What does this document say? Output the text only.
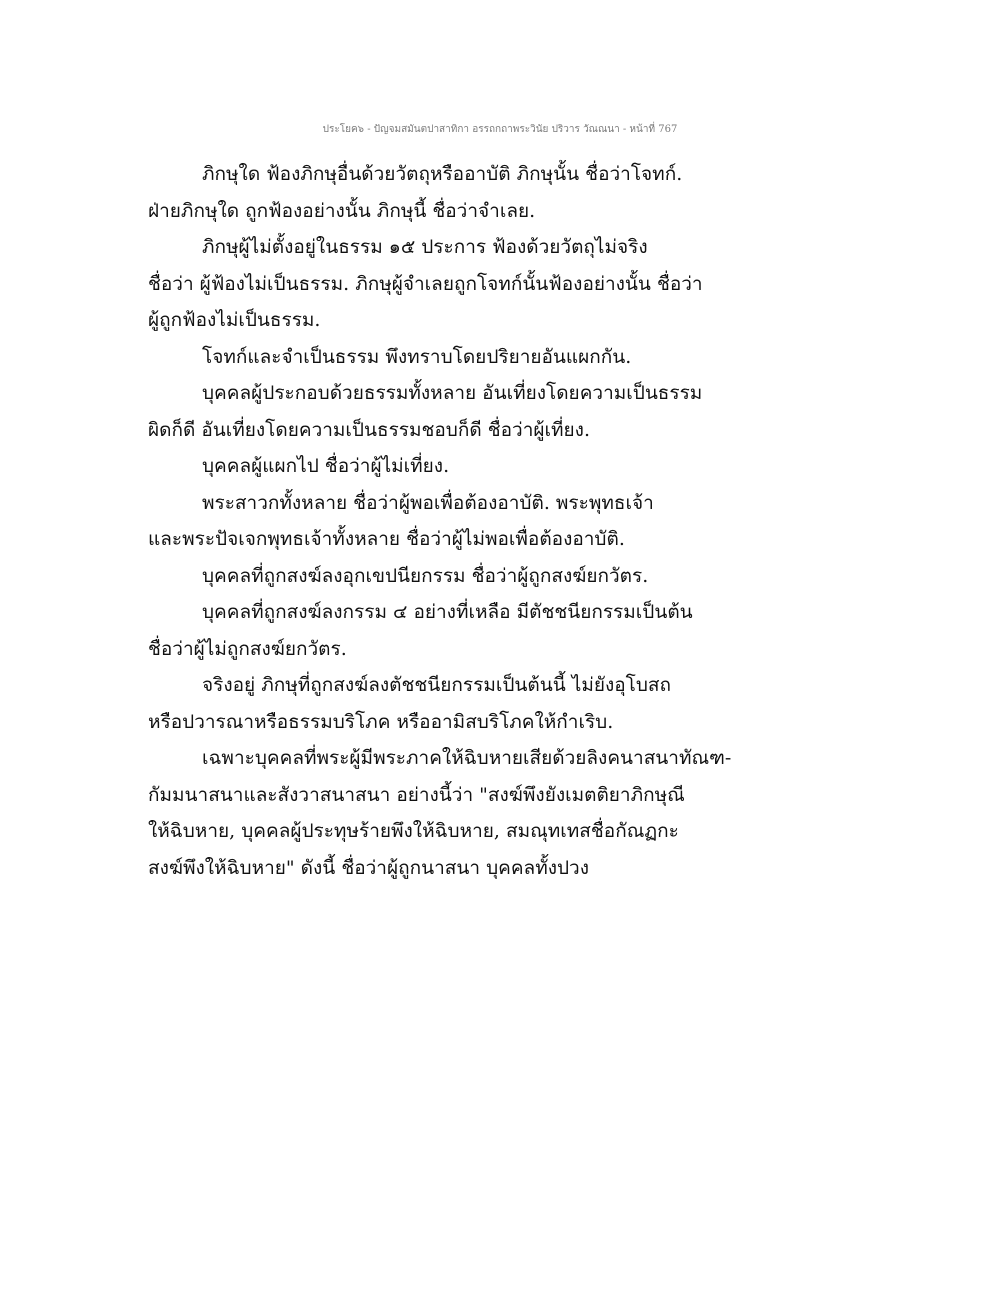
ประโยค๖ - ปัญจมสมันตปาสาทิกา อรรถกถาพระวินัย ปริวาร วัณณนา - หน้าที่ 767
ภิกษุใด ฟ้องภิกษุอื่นด้วยวัตถุหรืออาบัติ ภิกษุนั้น ชื่อว่าโจทก์.
ฝ่ายภิกษุใด ถูกฟ้องอย่างนั้น ภิกษุนี้ ชื่อว่าจำเลย.
ภิกษุผู้ไม่ตั้งอยู่ในธรรม ๑๕ ประการ ฟ้องด้วยวัตถุไม่จริง
ชื่อว่า ผู้ฟ้องไม่เป็นธรรม. ภิกษุผู้จำเลยถูกโจทก์นั้นฟ้องอย่างนั้น ชื่อว่า
ผู้ถูกฟ้องไม่เป็นธรรม.
โจทก์และจำเป็นธรรม พึงทราบโดยปริยายอันแผกกัน.
บุคคลผู้ประกอบด้วยธรรมทั้งหลาย อันเที่ยงโดยความเป็นธรรม
ผิดก็ดี อันเที่ยงโดยความเป็นธรรมชอบก็ดี ชื่อว่าผู้เที่ยง.
บุคคลผู้แผกไป ชื่อว่าผู้ไม่เที่ยง.
พระสาวกทั้งหลาย ชื่อว่าผู้พอเพื่อต้องอาบัติ. พระพุทธเจ้า
และพระปัจเจกพุทธเจ้าทั้งหลาย ชื่อว่าผู้ไม่พอเพื่อต้องอาบัติ.
บุคคลที่ถูกสงฆ์ลงอุกเขปนียกรรม ชื่อว่าผู้ถูกสงฆ์ยกวัตร.
บุคคลที่ถูกสงฆ์ลงกรรม ๔ อย่างที่เหลือ มีตัชชนียกรรมเป็นต้น
ชื่อว่าผู้ไม่ถูกสงฆ์ยกวัตร.
จริงอยู่ ภิกษุที่ถูกสงฆ์ลงตัชชนียกรรมเป็นต้นนี้ ไม่ยังอุโบสถ
หรือปวารณาหรือธรรมบริโภค หรืออามิสบริโภคให้กำเริบ.
เฉพาะบุคคลที่พระผู้มีพระภาคให้ฉิบหายเสียด้วยลิงคนาสนาทัณฑ-
กัมมนาสนาและสังวาสนาสนา อย่างนี้ว่า "สงฆ์พึงยังเมตติยาภิกษุณี
ให้ฉิบหาย, บุคคลผู้ประทุษร้ายพึงให้ฉิบหาย, สมณุทเทสชื่อกัณฏกะ
สงฆ์พึงให้ฉิบหาย" ดังนี้ ชื่อว่าผู้ถูกนาสนา บุคคลทั้งปวง
